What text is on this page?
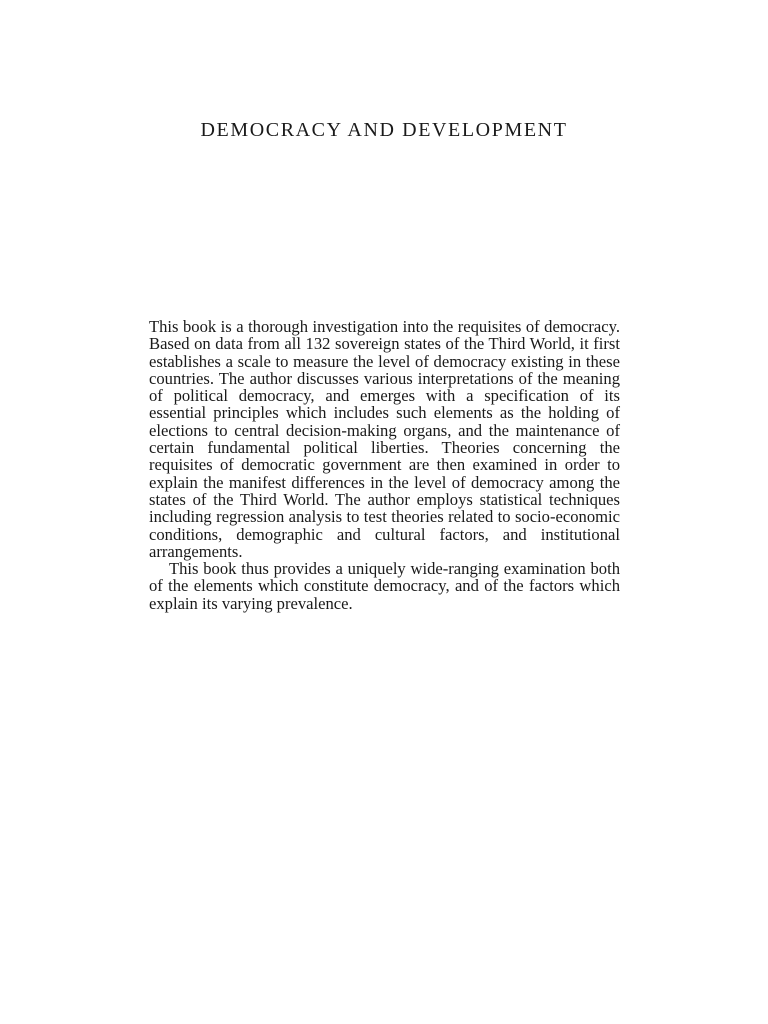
DEMOCRACY AND DEVELOPMENT

This book is a thorough investigation into the requisites of democracy. Based on data from all 132 sovereign states of the Third World, it first establishes a scale to measure the level of democracy existing in these countries. The author discusses various interpretations of the meaning of political democracy, and emerges with a specification of its essential principles which includes such elements as the holding of elections to central decision-making organs, and the maintenance of certain fundamental political liberties. Theories concerning the requisites of democratic government are then examined in order to explain the manifest differences in the level of democracy among the states of the Third World. The author employs statistical techniques including regression analysis to test theories related to socio-economic conditions, demographic and cultural factors, and institutional arrangements.

This book thus provides a uniquely wide-ranging examination both of the elements which constitute democracy, and of the factors which explain its varying prevalence.
